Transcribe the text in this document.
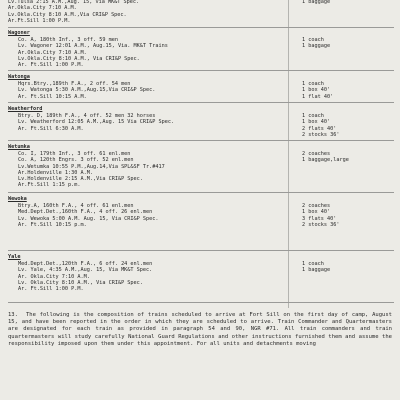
Lv.Tulsa 2:15 A.M.,Aug. 15, via MK&T Spec.
Ar.Okla.City 7:10 A.M.
Lv.Okla.City 8:10 A.M.,Via CRI&P Spec.
Ar.Ft.Sill 1:00 P.M.
1 baggage
Wagoner
Co. A, 180th Inf., 3 off. 59 men
Lv. Wagoner 12:01 A.M., Aug.15, Via. MK&T Trains
Ar.Okla.City 7:10 A.M.
Lv.Okla.City 8:10 A.M., Via CRI&P Spec.
Ar. Ft.Sill 1:00 P.M.
1 coach
1 baggage
Watonga
Hqrs.Btry.,189th F.A., 2 off. 54 men
Lv. Watonga 5:30 A.M.,Aug.15,Via CRI&P Spec.
Ar. Ft.Sill 10:15 A.M.
1 coach
1 box 40'
1 flat 40'
Weatherford
Btry. D, 189th F.A., 4 off. 52 men 32 horses
Lv. Weatherford 12:05 A.M.,Aug. 15 Via CRI&P Spec.
Ar. Ft.Sill 6:30 A.M.
1 coach
1 box 40'
2 flats 40'
2 stocks 36'
Wetumka
Co. I, 179th Inf., 3 off. 61 enl.men
Co. A, 120th Engrs. 3 off. 52 enl.men
Lv.Wetumka 10:55 P.M.,Aug.14,Via SPL&SF Tr.#417
Ar.Holdenville 1:30 A.M.
Lv.Holdenville 2:15 A.M.,Via CRI&P Spec.
Ar.Ft.Sill 1:15 p.m.
2 coaches
1 baggage,large
Wewoka
Btry.A, 160th F.A., 4 off. 61 enl.men
Med.Dept.Det.,160th F.A., 4 off. 26 enl.men
Lv. Wewoka 5:00 A.M. Aug. 15, Via CRI&P Spec.
Ar. Ft.Sill 10:15 p.m.
2 coaches
1 box 40'
3 flats 40'
2 stocks 36'
Yale
Med.Dept.Det.,120th F.A., 6 off. 24 enl.men
Lv. Yale, 4:35 A.M.,Aug. 15, Via MK&T Spec.
Ar. Okla.City 7:10 A.M.
Lv. Okla.City 8:10 A.M., Via CRI&P Spec.
Ar. Ft.Sill 1:00 P.M.
1 coach
1 baggage
13. The following is the composition of trains scheduled to arrive at Fort Sill on the first day of camp, August 15, and have been reported in the order in which they are scheduled to arrive. Train Commander and Quartermasters are designated for each train as provided in paragraph 54 and 90, NGR #71. All train commanders and train quartermasters will study carefully National Guard Regulations and other instructions furnished them and assume the responsibility imposed upon them under this appointment. For all units and detachments moving
